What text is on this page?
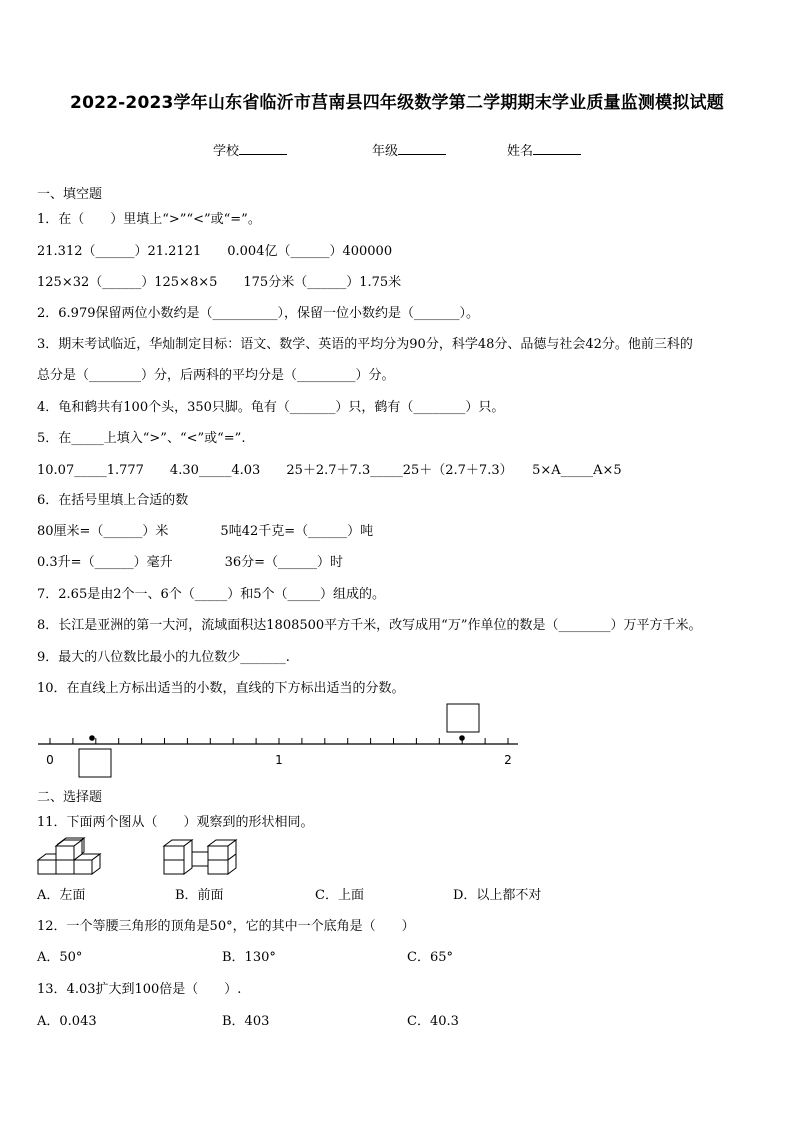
2022-2023学年山东省临沂市莒南县四年级数学第二学期期末学业质量监测模拟试题
学校	年级	姓名
一、填空题
1．在（　　）里填上“>”“<”或“=”。
21.312（______）21.2121　　0.004亿（______）400000
125×32（______）125×8×5　　175分米（______）1.75米
2．6.979保留两位小数约是（__________），保留一位小数约是（_______）。
3．期末考试临近，华灿制定目标：语文、数学、英语的平均分为90分，科学48分、品德与社会42分。他前三科的
总分是（________）分，后两科的平均分是（_________）分。
4．龟和鹤共有100个头，350只脚。龟有（_______）只，鹤有（________）只。
5．在_____上填入“>”、“<”或“=”.
10.07_____1.777　　4.30_____4.03　　25＋2.7＋7.3_____25＋（2.7＋7.3）　　5×A_____A×5
6．在括号里填上合适的数
80厘米=（______）米　　　　5吨42千克=（______）吨
0.3升=（______）毫升　　　　36分=（______）时
7．2.65是由2个一、6个（_____）和5个（_____）组成的。
8．长江是亚洲的第一大河，流域面积达1808500平方千米，改写成用“万”作单位的数是（________）万平方千米。
9．最大的八位数比最小的九位数少_______.
10．在直线上方标出适当的小数，直线的下方标出适当的分数。
0	1	2
二、选择题
11．下面两个图从（　　）观察到的形状相同。
A．左面	B．前面	C．上面	D．以上都不对
12．一个等腰三角形的顶角是50°，它的其中一个底角是（　　）
A．50°	B．130°	C．65°
13．4.03扩大到100倍是（　　）.
A．0.043	B．403	C．40.3
